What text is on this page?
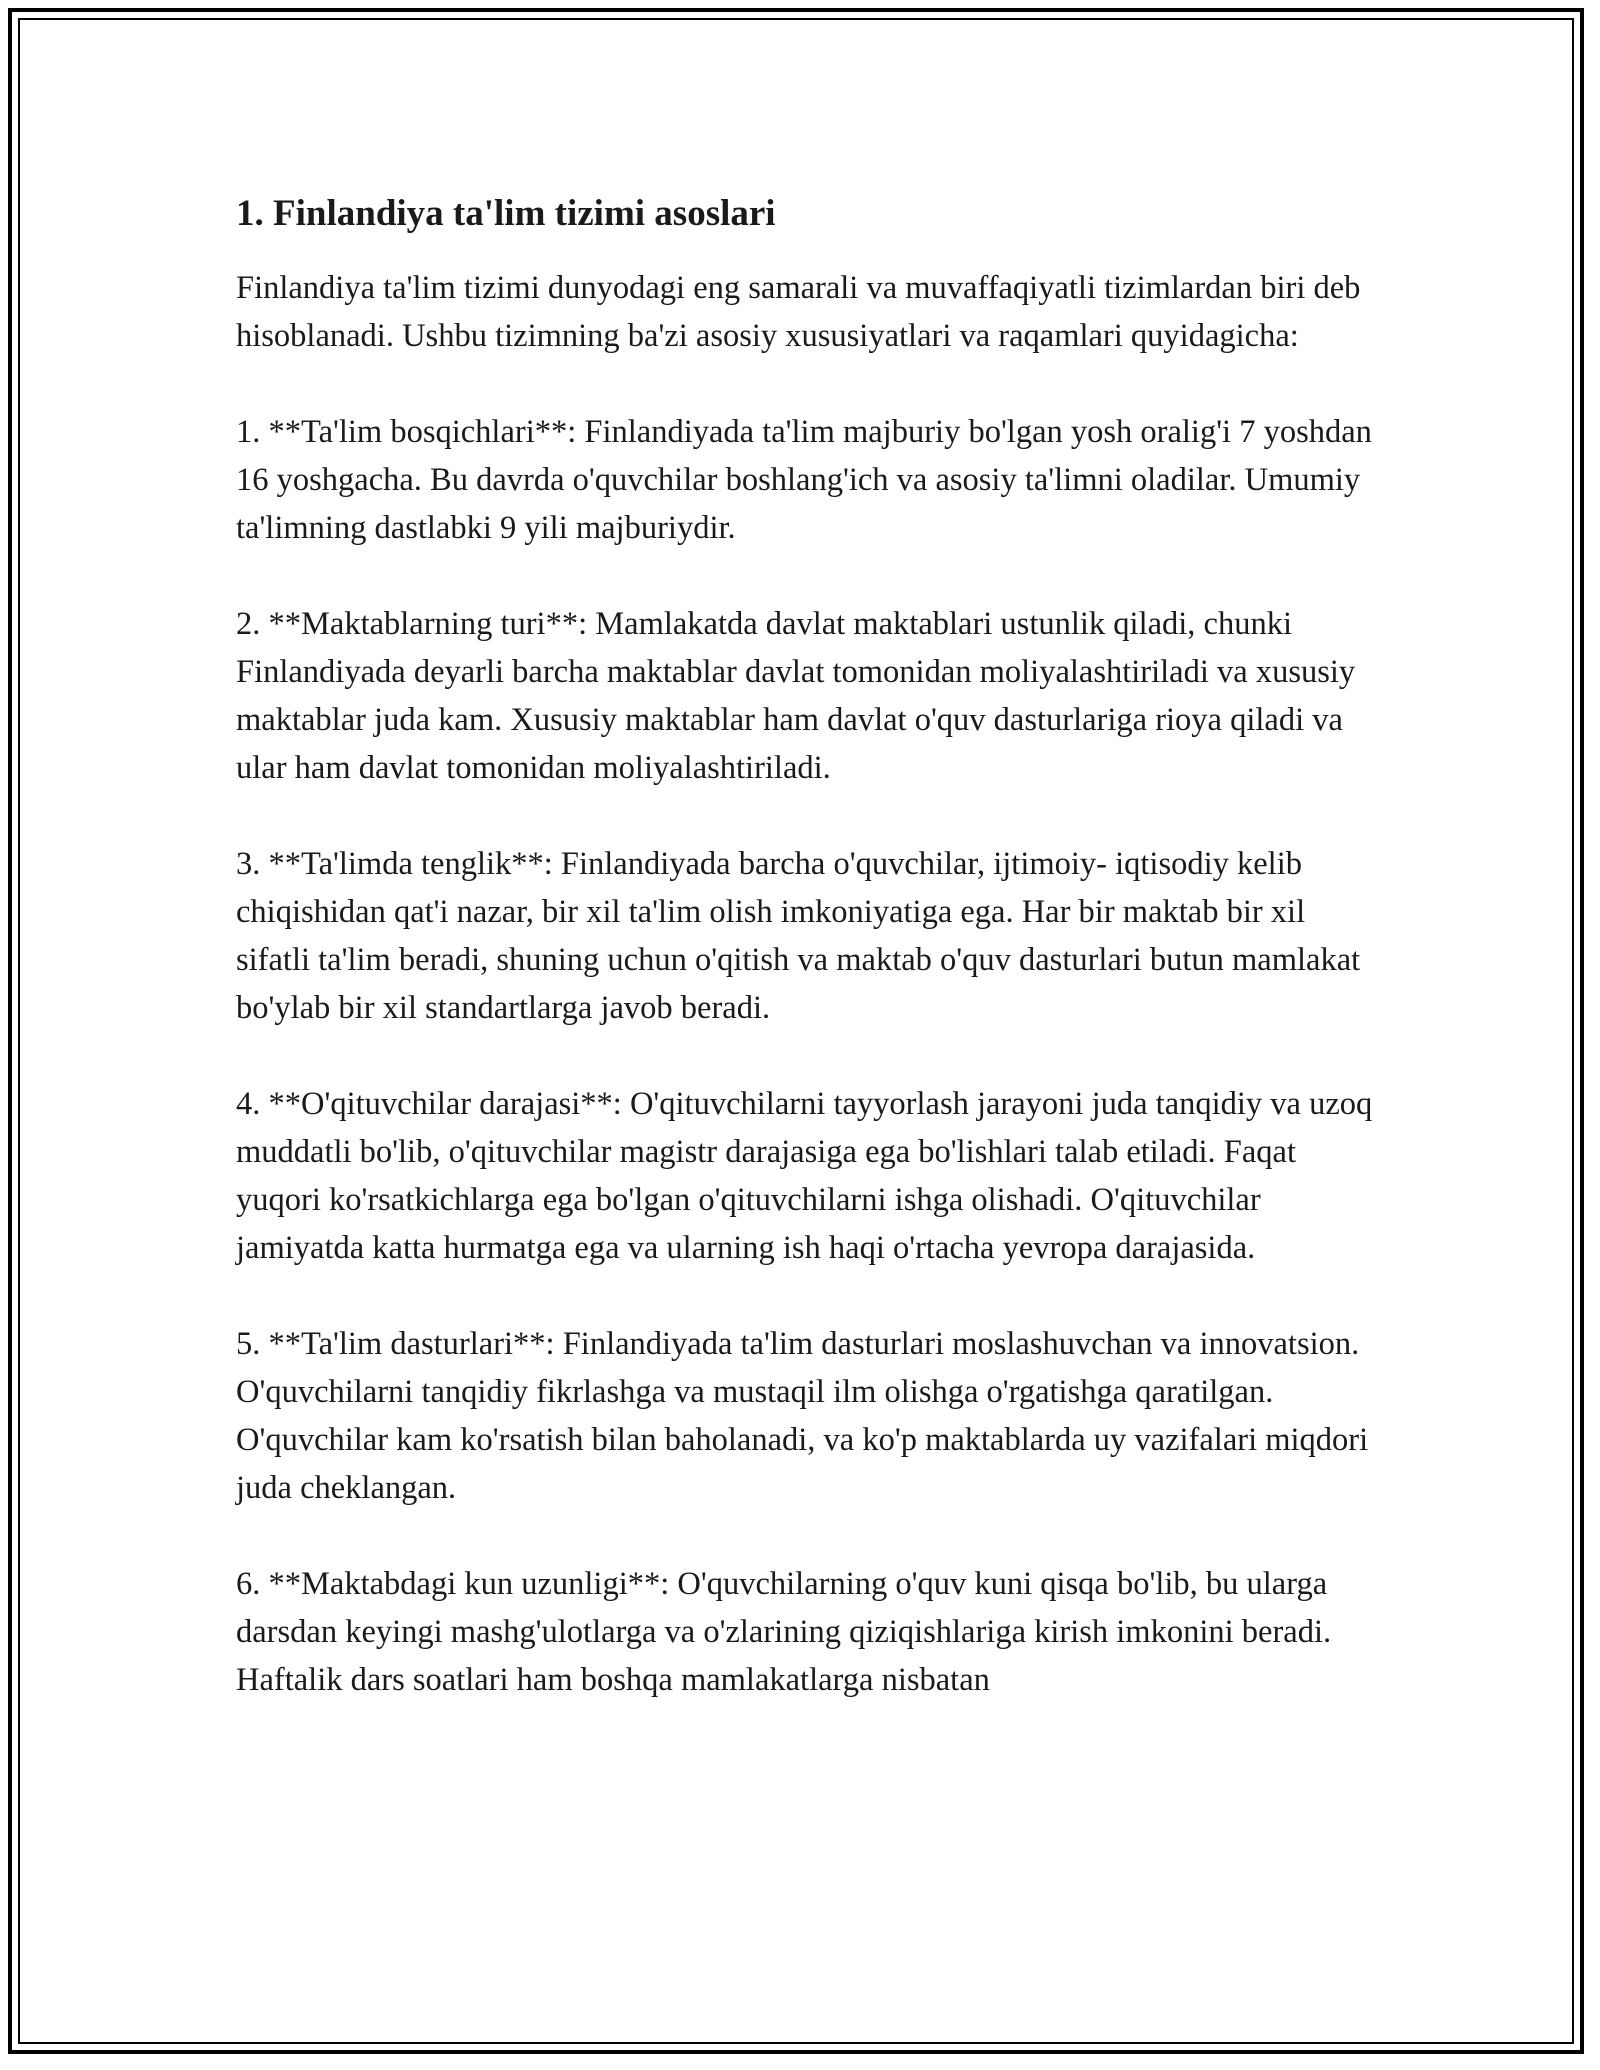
1. Finlandiya ta'lim tizimi asoslari

Finlandiya ta'lim tizimi dunyodagi eng samarali va muvaffaqiyatli tizimlardan biri deb hisoblanadi. Ushbu tizimning ba'zi asosiy xususiyatlari va raqamlari quyidagicha:

1. **Ta'lim bosqichlari**: Finlandiyada ta'lim majburiy bo'lgan yosh oralig'i 7 yoshdan 16 yoshgacha. Bu davrda o'quvchilar boshlang'ich va asosiy ta'limni oladilar. Umumiy ta'limning dastlabki 9 yili majburiydir.

2. **Maktablarning turi**: Mamlakatda davlat maktablari ustunlik qiladi, chunki Finlandiyada deyarli barcha maktablar davlat tomonidan moliyalashtiriladi va xususiy maktablar juda kam. Xususiy maktablar ham davlat o'quv dasturlariga rioya qiladi va ular ham davlat tomonidan moliyalashtiriladi.

3. **Ta'limda tenglik**: Finlandiyada barcha o'quvchilar, ijtimoiy- iqtisodiy kelib chiqishidan qat'i nazar, bir xil ta'lim olish imkoniyatiga ega. Har bir maktab bir xil sifatli ta'lim beradi, shuning uchun o'qitish va maktab o'quv dasturlari butun mamlakat bo'ylab bir xil standartlarga javob beradi.

4. **O'qituvchilar darajasi**: O'qituvchilarni tayyorlash jarayoni juda tanqidiy va uzoq muddatli bo'lib, o'qituvchilar magistr darajasiga ega bo'lishlari talab etiladi. Faqat yuqori ko'rsatkichlarga ega bo'lgan o'qituvchilarni ishga olishadi. O'qituvchilar jamiyatda katta hurmatga ega va ularning ish haqi o'rtacha yevropa darajasida.

5. **Ta'lim dasturlari**: Finlandiyada ta'lim dasturlari moslashuvchan va innovatsion. O'quvchilarni tanqidiy fikrlashga va mustaqil ilm olishga o'rgatishga qaratilgan. O'quvchilar kam ko'rsatish bilan baholanadi, va ko'p maktablarda uy vazifalari miqdori juda cheklangan.

6. **Maktabdagi kun uzunligi**: O'quvchilarning o'quv kuni qisqa bo'lib, bu ularga darsdan keyingi mashg'ulotlarga va o'zlarining qiziqishlariga kirish imkonini beradi. Haftalik dars soatlari ham boshqa mamlakatlarga nisbatan
